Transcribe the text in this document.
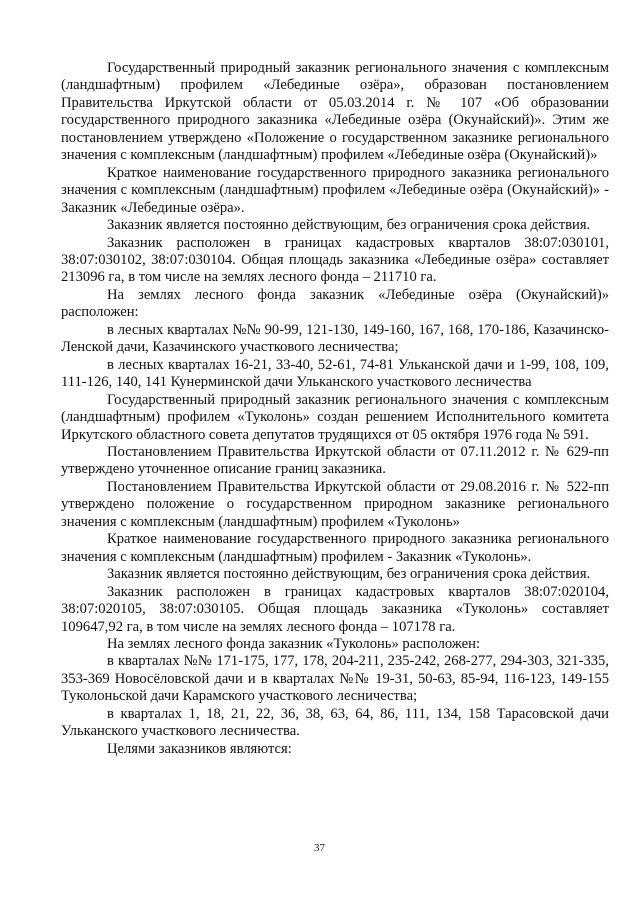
Государственный природный заказник регионального значения с комплексным (ландшафтным) профилем «Лебединые озёра», образован постановлением Правительства Иркутской области от 05.03.2014 г. № 107 «Об образовании государственного природного заказника «Лебединые озёра (Окунайский)». Этим же постановлением утверждено «Положение о государственном заказнике регионального значения с комплексным (ландшафтным) профилем «Лебединые озёра (Окунайский)»

Краткое наименование государственного природного заказника регионального значения с комплексным (ландшафтным) профилем «Лебединые озёра (Окунайский)» - Заказник «Лебединые озёра».

Заказник является постоянно действующим, без ограничения срока действия.

Заказник расположен в границах кадастровых кварталов 38:07:030101, 38:07:030102, 38:07:030104. Общая площадь заказника «Лебединые озёра» составляет 213096 га, в том числе на землях лесного фонда – 211710 га.

На землях лесного фонда заказник «Лебединые озёра (Окунайский)» расположен:

в лесных кварталах №№ 90-99, 121-130, 149-160, 167, 168, 170-186, Казачинско-Ленской дачи, Казачинского участкового лесничества;

в лесных кварталах 16-21, 33-40, 52-61, 74-81 Ульканской дачи и 1-99, 108, 109, 111-126, 140, 141 Кунерминской дачи Ульканского участкового лесничества

Государственный природный заказник регионального значения с комплексным (ландшафтным) профилем «Туколонь» создан решением Исполнительного комитета Иркутского областного совета депутатов трудящихся от 05 октября 1976 года № 591.

Постановлением Правительства Иркутской области от 07.11.2012 г. № 629-пп утверждено уточненное описание границ заказника.

Постановлением Правительства Иркутской области от 29.08.2016 г. № 522-пп утверждено положение о государственном природном заказнике регионального значения с комплексным (ландшафтным) профилем «Туколонь»

Краткое наименование государственного природного заказника регионального значения с комплексным (ландшафтным) профилем - Заказник «Туколонь».

Заказник является постоянно действующим, без ограничения срока действия.

Заказник расположен в границах кадастровых кварталов 38:07:020104, 38:07:020105, 38:07:030105. Общая площадь заказника «Туколонь» составляет 109647,92 га, в том числе на землях лесного фонда – 107178 га.

На землях лесного фонда заказник «Туколонь» расположен:

в кварталах №№ 171-175, 177, 178, 204-211, 235-242, 268-277, 294-303, 321-335, 353-369 Новосёловской дачи и в кварталах №№ 19-31, 50-63, 85-94, 116-123, 149-155 Туколоньской дачи Карамского участкового лесничества;

в кварталах 1, 18, 21, 22, 36, 38, 63, 64, 86, 111, 134, 158 Тарасовской дачи Ульканского участкового лесничества.

Целями заказников являются:

37
